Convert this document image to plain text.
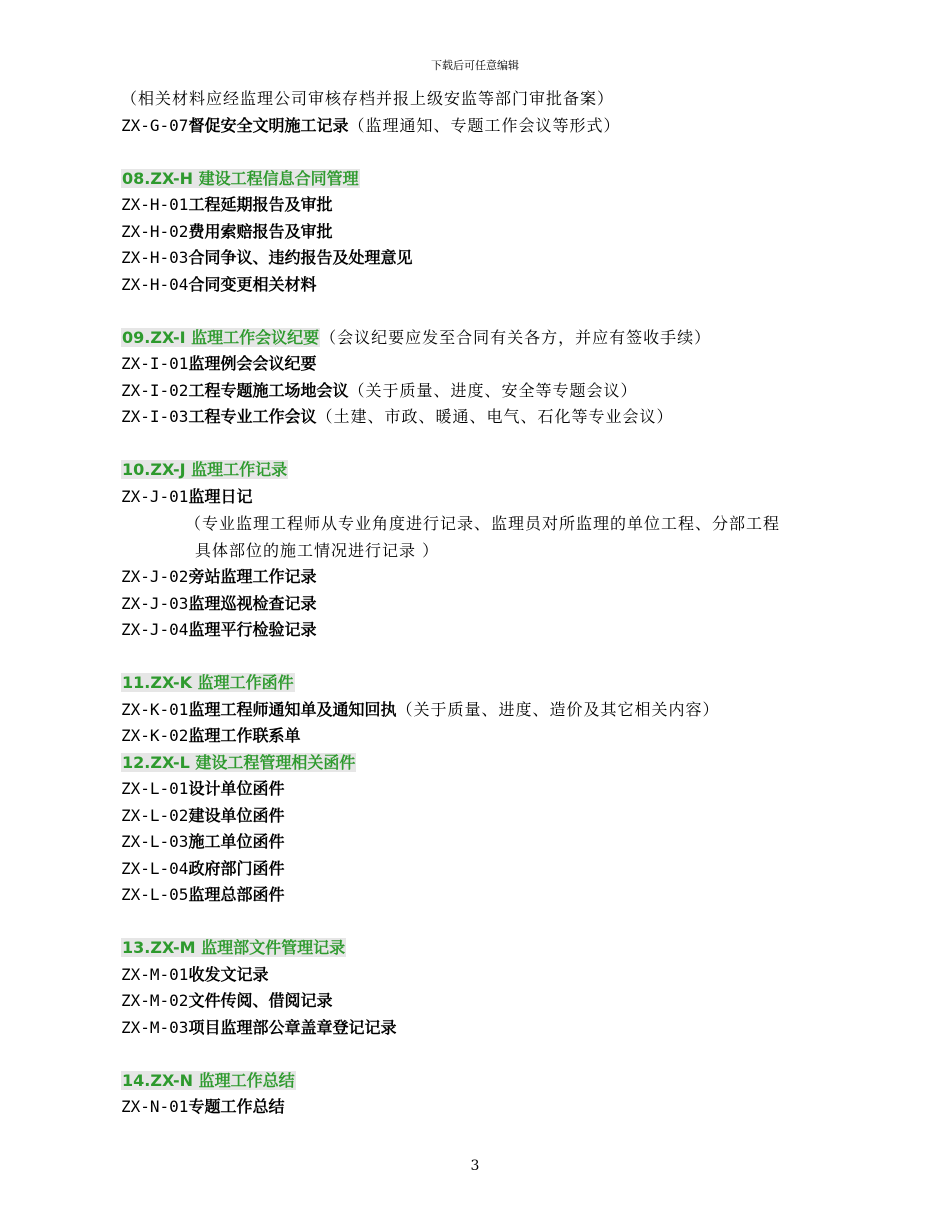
下载后可任意编辑
（相关材料应经监理公司审核存档并报上级安监等部门审批备案）
ZX-G-07督促安全文明施工记录（监理通知、专题工作会议等形式）
08.ZX-H 建设工程信息合同管理
ZX-H-01工程延期报告及审批
ZX-H-02费用索赔报告及审批
ZX-H-03合同争议、违约报告及处理意见
ZX-H-04合同变更相关材料
09.ZX-I 监理工作会议纪要（会议纪要应发至合同有关各方，并应有签收手续）
ZX-I-01监理例会会议纪要
ZX-I-02工程专题施工场地会议（关于质量、进度、安全等专题会议）
ZX-I-03工程专业工作会议（土建、市政、暖通、电气、石化等专业会议）
10.ZX-J 监理工作记录
ZX-J-01监理日记
（专业监理工程师从专业角度进行记录、监理员对所监理的单位工程、分部工程
具体部位的施工情况进行记录 ）
ZX-J-02旁站监理工作记录
ZX-J-03监理巡视检查记录
ZX-J-04监理平行检验记录
11.ZX-K 监理工作函件
ZX-K-01监理工程师通知单及通知回执（关于质量、进度、造价及其它相关内容）
ZX-K-02监理工作联系单
12.ZX-L 建设工程管理相关函件
ZX-L-01设计单位函件
ZX-L-02建设单位函件
ZX-L-03施工单位函件
ZX-L-04政府部门函件
ZX-L-05监理总部函件
13.ZX-M 监理部文件管理记录
ZX-M-01收发文记录
ZX-M-02文件传阅、借阅记录
ZX-M-03项目监理部公章盖章登记记录
14.ZX-N 监理工作总结
ZX-N-01专题工作总结
3
